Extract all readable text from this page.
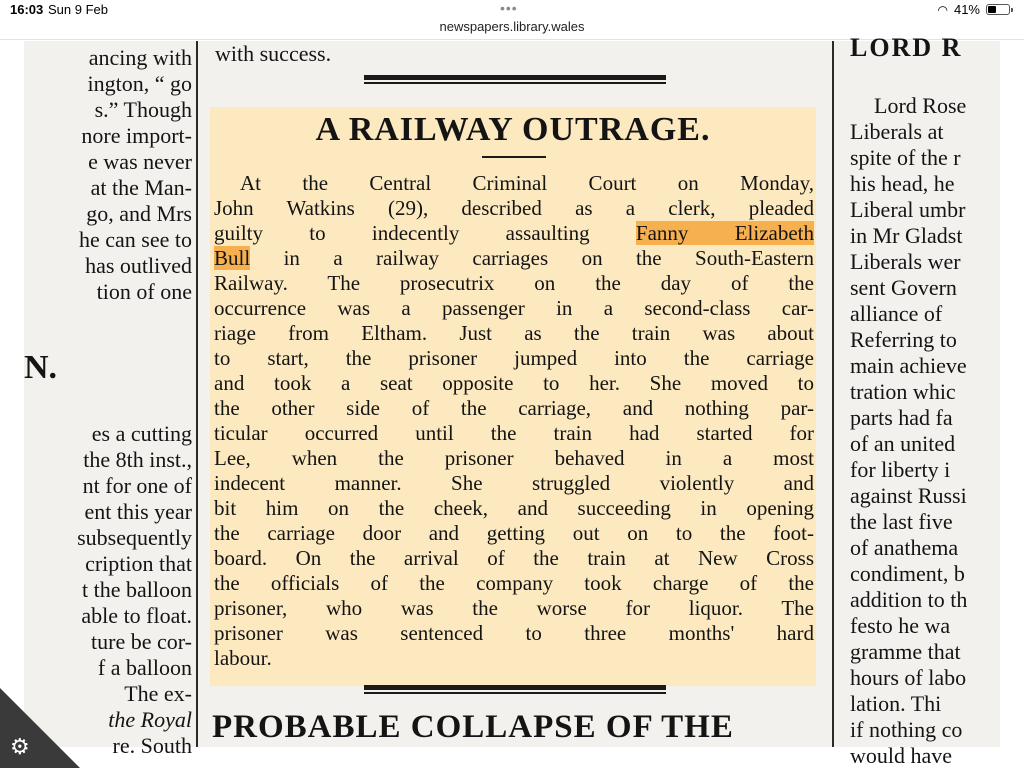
16:03 Sun 9 Feb	•••	◠ 41%
newspapers.library.wales
ancing with
ington, “ go
s.” Though
nore import-
e was never
at the Man-
go, and Mrs
he can see to
has outlived
tion of one
N.
es a cutting
the 8th inst.,
nt for one of
ent this year
subsequently
cription that
t the balloon
able to float.
ture be cor-
f a balloon
The ex-
the Royal
re. South
with success.
A RAILWAY OUTRAGE.
At the Central Criminal Court on Monday,
John Watkins (29), described as a clerk, pleaded
guilty to indecently assaulting Fanny Elizabeth
Bull in a railway carriages on the South-Eastern
Railway. The prosecutrix on the day of the
occurrence was a passenger in a second-class car-
riage from Eltham. Just as the train was about
to start, the prisoner jumped into the carriage
and took a seat opposite to her. She moved to
the other side of the carriage, and nothing par-
ticular occurred until the train had started for
Lee, when the prisoner behaved in a most
indecent manner. She struggled violently and
bit him on the cheek, and succeeding in opening
the carriage door and getting out on to the foot-
board. On the arrival of the train at New Cross
the officials of the company took charge of the
prisoner, who was the worse for liquor. The
prisoner was sentenced to three months' hard
labour.
PROBABLE COLLAPSE OF THE
LORD R
Lord Rose
Liberals at
spite of the r
his head, he
Liberal umbr
in Mr Gladst
Liberals wer
sent Govern
alliance of
Referring to
main achieve
tration whic
parts had fa
of an united
for liberty i
against Russi
the last five
of anathema
condiment, b
addition to th
festo he wa
gramme that
hours of labo
lation. Thi
if nothing co
would have
⚙
